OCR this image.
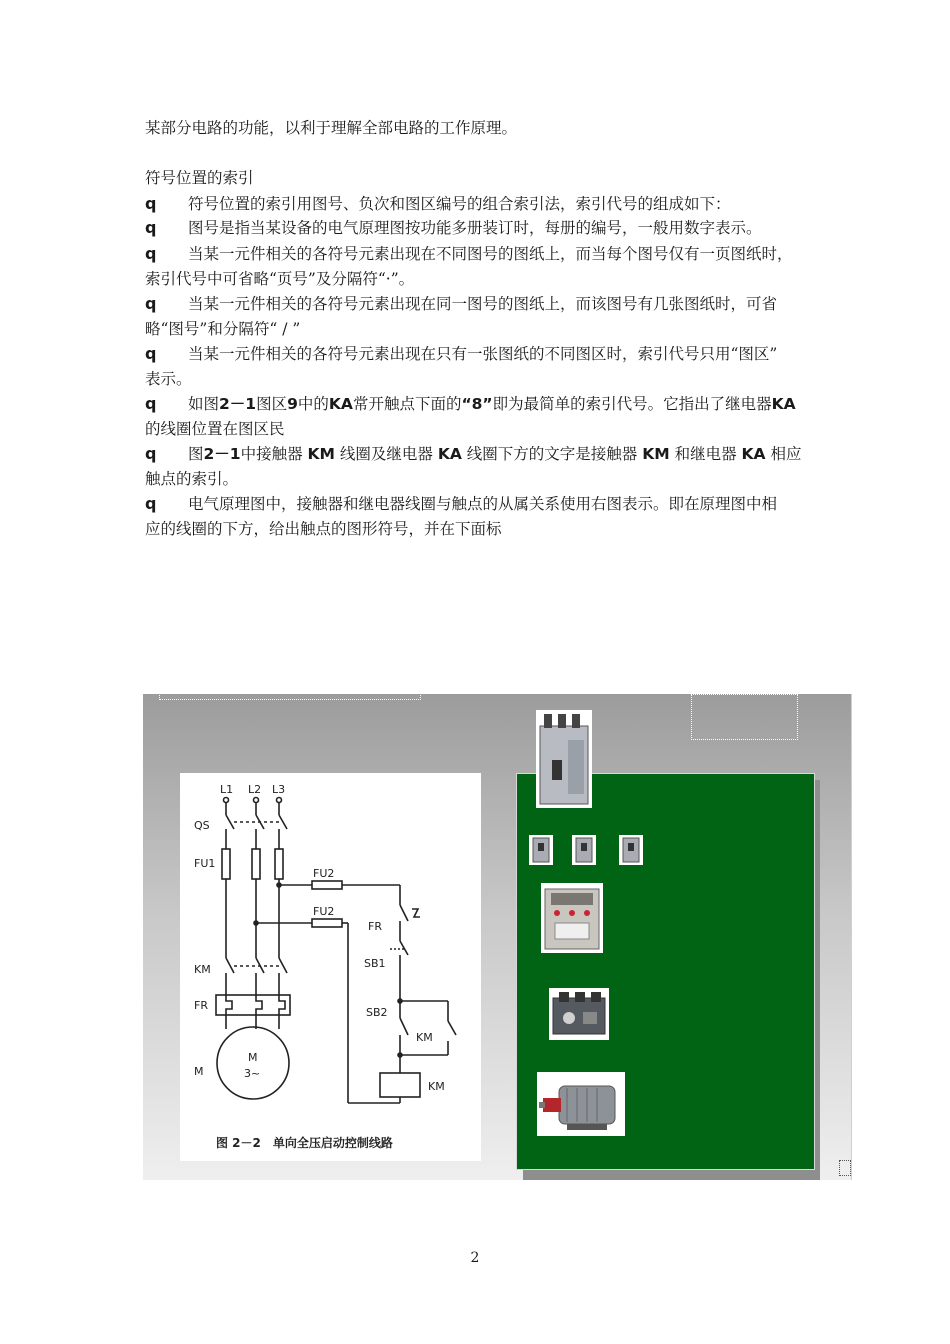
某部分电路的功能，以利于理解全部电路的工作原理。
符号位置的索引
q 符号位置的索引用图号、负次和图区编号的组合索引法，索引代号的组成如下：
q 图号是指当某设备的电气原理图按功能多册装订时，每册的编号，一般用数字表示。
q 当某一元件相关的各符号元素出现在不同图号的图纸上，而当每个图号仅有一页图纸时，
索引代号中可省略“页号”及分隔符“·”。
q 当某一元件相关的各符号元素出现在同一图号的图纸上，而该图号有几张图纸时，可省
略“图号”和分隔符“ / ”
q 当某一元件相关的各符号元素出现在只有一张图纸的不同图区时，索引代号只用“图区”
表示。
q 如图2－1图区9中的KA常开触点下面的“8”即为最简单的索引代号。它指出了继电器KA
的线圈位置在图区民
q 图2－1中接触器 KM 线圈及继电器 KA 线圈下方的文字是接触器 KM 和继电器 KA 相应
触点的索引。
q 电气原理图中，接触器和继电器线圈与触点的从属关系使用右图表示。即在原理图中相
应的线圈的下方，给出触点的图形符号，并在下面标
L1 L2 L3
QS
FU1
FU2
FU2
FR
SB1
SB2
KM
FR
KM
KM
M
M
3~
图 2－2　单向全压启动控制线路
2
